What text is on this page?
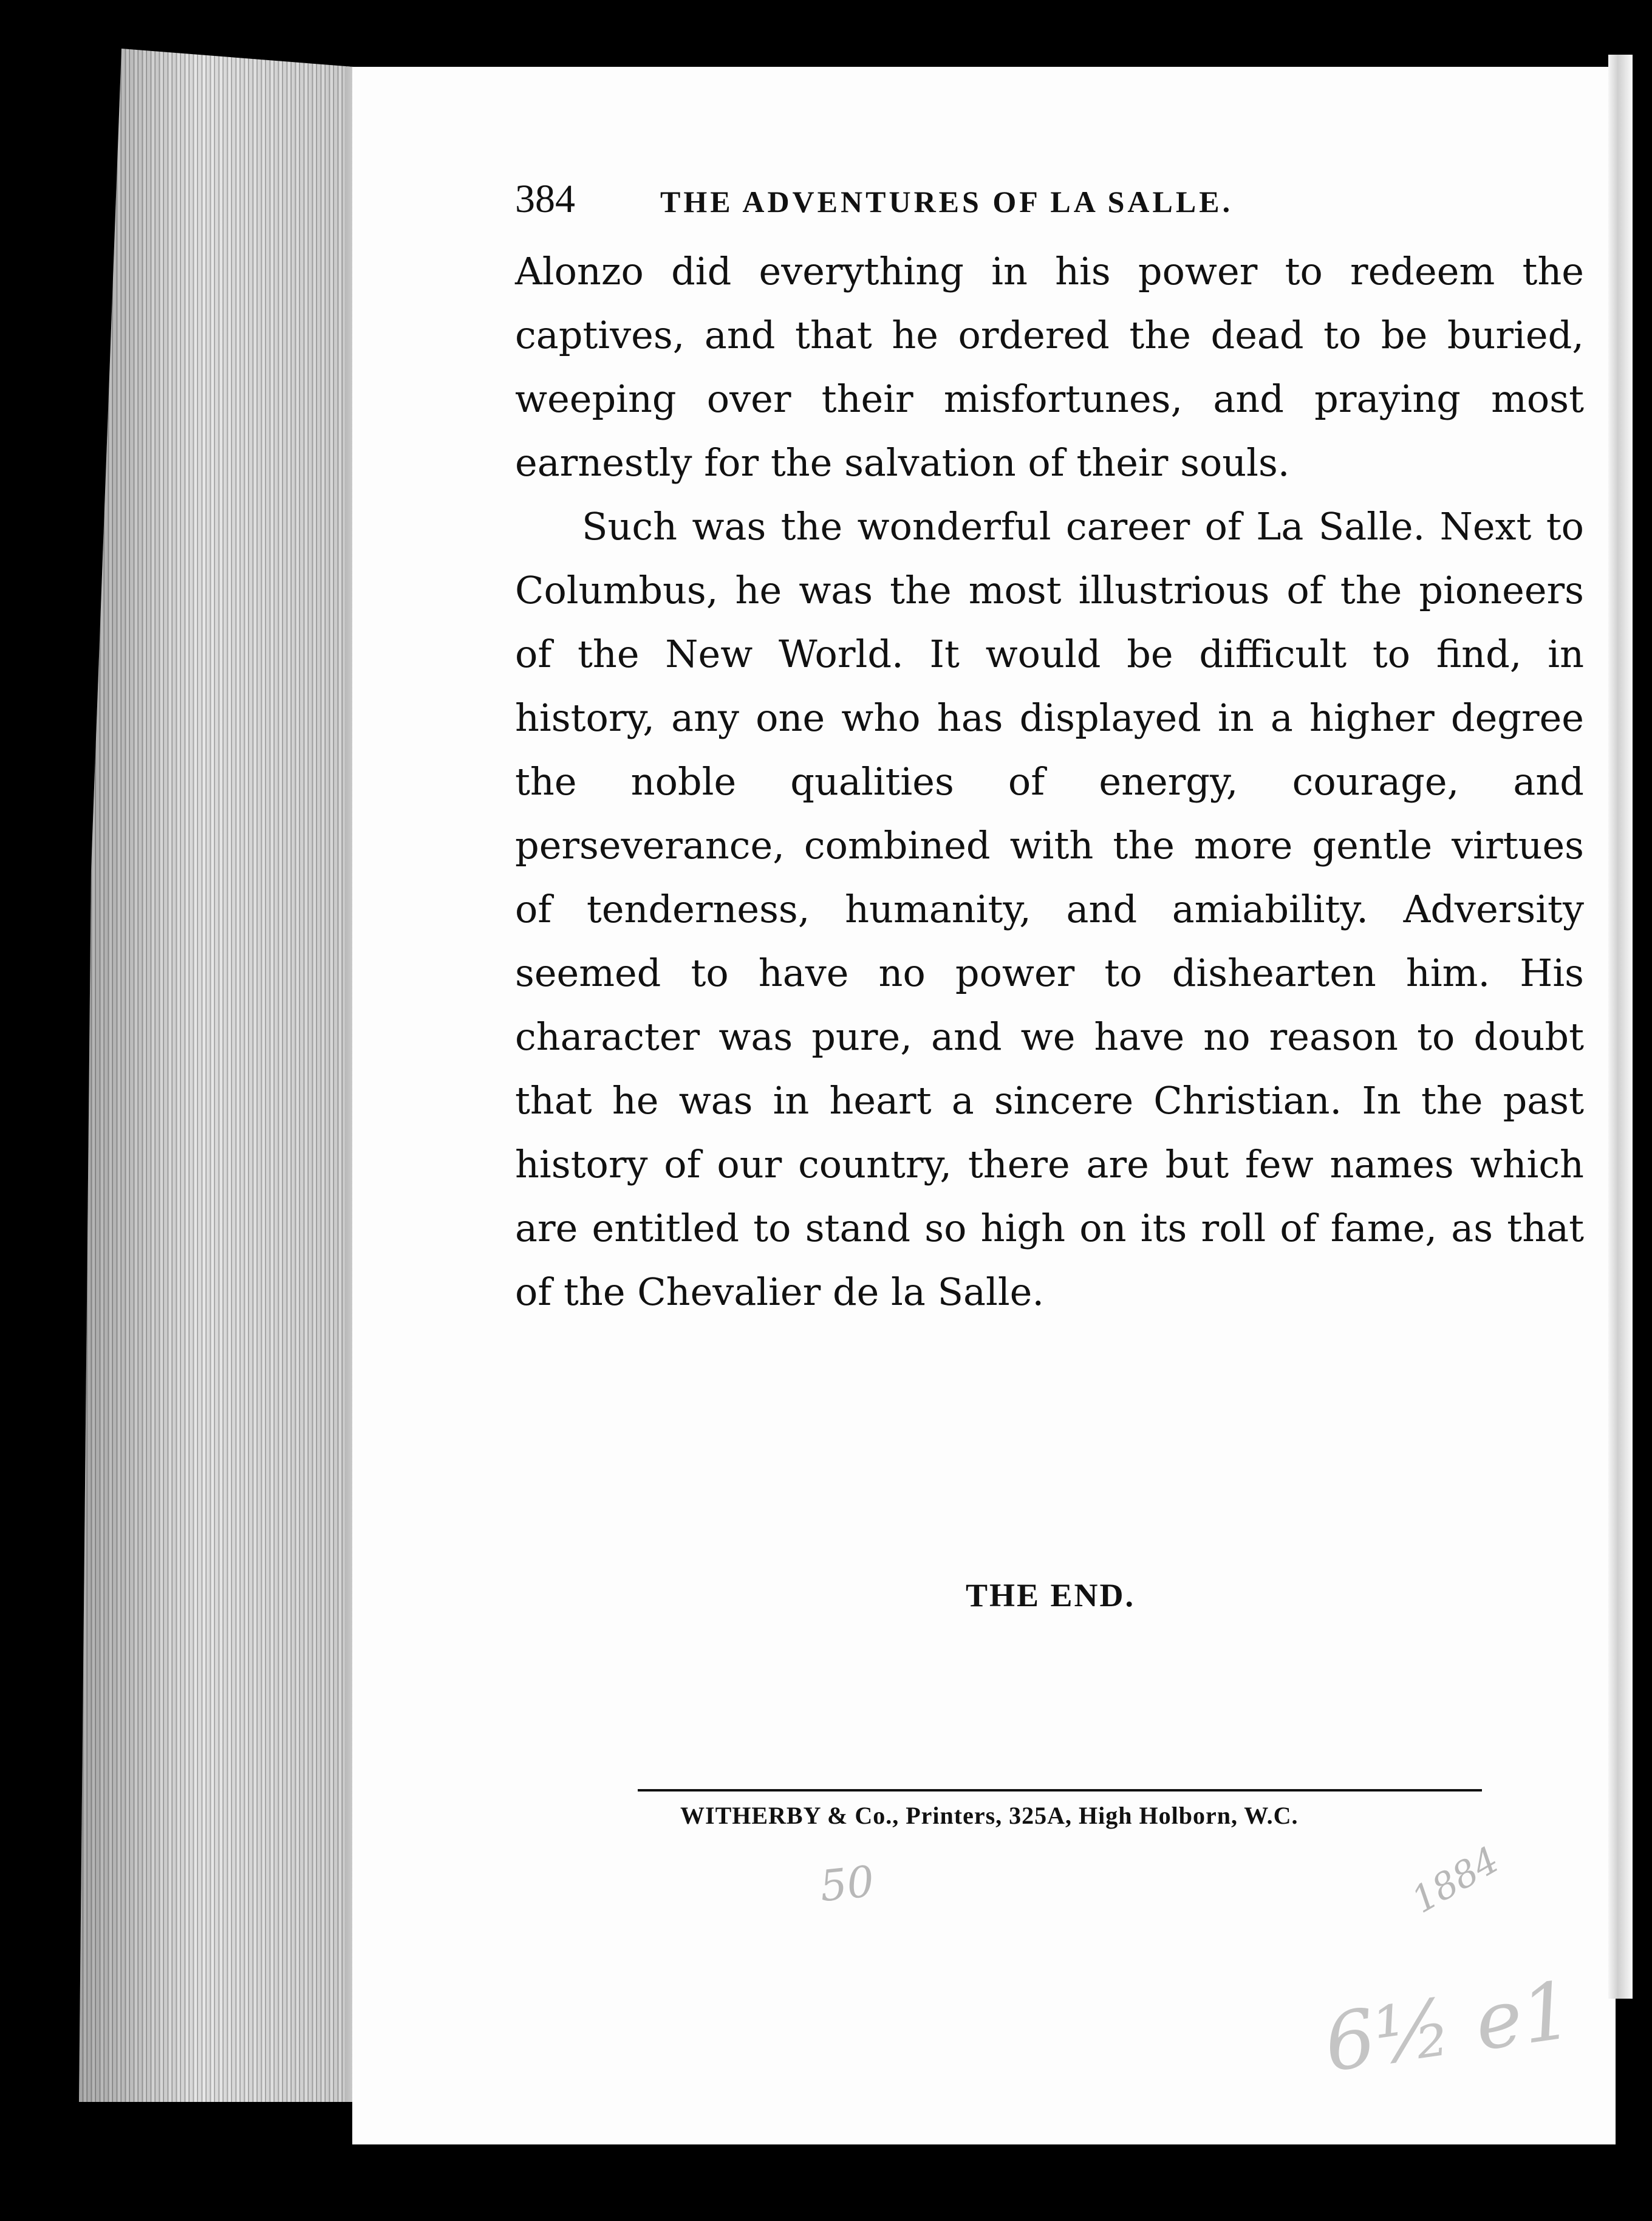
384	THE ADVENTURES OF LA SALLE.

Alonzo did everything in his power to redeem the captives, and that he ordered the dead to be buried, weeping over their misfortunes, and praying most earnestly for the salvation of their souls.

Such was the wonderful career of La Salle. Next to Columbus, he was the most illustrious of the pioneers of the New World. It would be difficult to find, in history, any one who has displayed in a higher degree the noble qualities of energy, courage, and perseverance, combined with the more gentle virtues of tenderness, humanity, and amiability. Adversity seemed to have no power to dishearten him. His character was pure, and we have no reason to doubt that he was in heart a sincere Christian. In the past history of our country, there are but few names which are entitled to stand so high on its roll of fame, as that of the Chevalier de la Salle.

THE END.
WITHERBY & Co., Printers, 325A, High Holborn, W.C.
50	1884
6½ e1
